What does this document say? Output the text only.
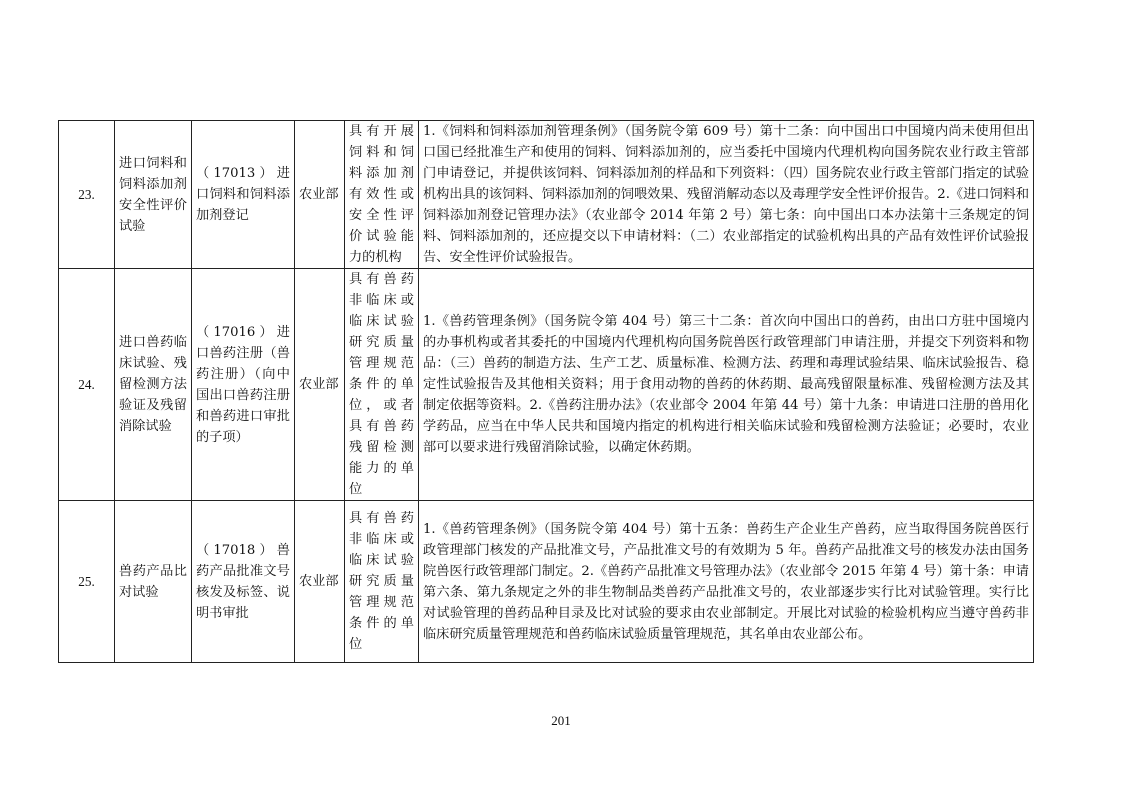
23.	进口饲料和饲料添加剂安全性评价试验	（17013）进口饲料和饲料添加剂登记	农业部	具有开展饲料和饲料添加剂有效性或安全性评价试验能力的机构	1.《饲料和饲料添加剂管理条例》（国务院令第 609 号）第十二条：向中国出口中国境内尚未使用但出口国已经批准生产和使用的饲料、饲料添加剂的，应当委托中国境内代理机构向国务院农业行政主管部门申请登记，并提供该饲料、饲料添加剂的样品和下列资料：（四）国务院农业行政主管部门指定的试验机构出具的该饲料、饲料添加剂的饲喂效果、残留消解动态以及毒理学安全性评价报告。2.《进口饲料和饲料添加剂登记管理办法》（农业部令 2014 年第 2 号）第七条：向中国出口本办法第十三条规定的饲料、饲料添加剂的，还应提交以下申请材料：（二）农业部指定的试验机构出具的产品有效性评价试验报告、安全性评价试验报告。
24.	进口兽药临床试验、残留检测方法验证及残留消除试验	（17016）进口兽药注册（兽药注册）（向中国出口兽药注册和兽药进口审批的子项）	农业部	具有兽药非临床或临床试验研究质量管理规范条件的单位，或者具有兽药残留检测能力的单位	1.《兽药管理条例》（国务院令第 404 号）第三十二条：首次向中国出口的兽药，由出口方驻中国境内的办事机构或者其委托的中国境内代理机构向国务院兽医行政管理部门申请注册，并提交下列资料和物品：（三）兽药的制造方法、生产工艺、质量标准、检测方法、药理和毒理试验结果、临床试验报告、稳定性试验报告及其他相关资料；用于食用动物的兽药的休药期、最高残留限量标准、残留检测方法及其制定依据等资料。2.《兽药注册办法》（农业部令 2004 年第 44 号）第十九条：申请进口注册的兽用化学药品，应当在中华人民共和国境内指定的机构进行相关临床试验和残留检测方法验证；必要时，农业部可以要求进行残留消除试验，以确定休药期。
25.	兽药产品比对试验	（17018）兽药产品批准文号核发及标签、说明书审批	农业部	具有兽药非临床或临床试验研究质量管理规范条件的单位	1.《兽药管理条例》（国务院令第 404 号）第十五条：兽药生产企业生产兽药，应当取得国务院兽医行政管理部门核发的产品批准文号，产品批准文号的有效期为 5 年。兽药产品批准文号的核发办法由国务院兽医行政管理部门制定。2.《兽药产品批准文号管理办法》（农业部令 2015 年第 4 号）第十条：申请第六条、第九条规定之外的非生物制品类兽药产品批准文号的，农业部逐步实行比对试验管理。实行比对试验管理的兽药品种目录及比对试验的要求由农业部制定。开展比对试验的检验机构应当遵守兽药非临床研究质量管理规范和兽药临床试验质量管理规范，其名单由农业部公布。
201
